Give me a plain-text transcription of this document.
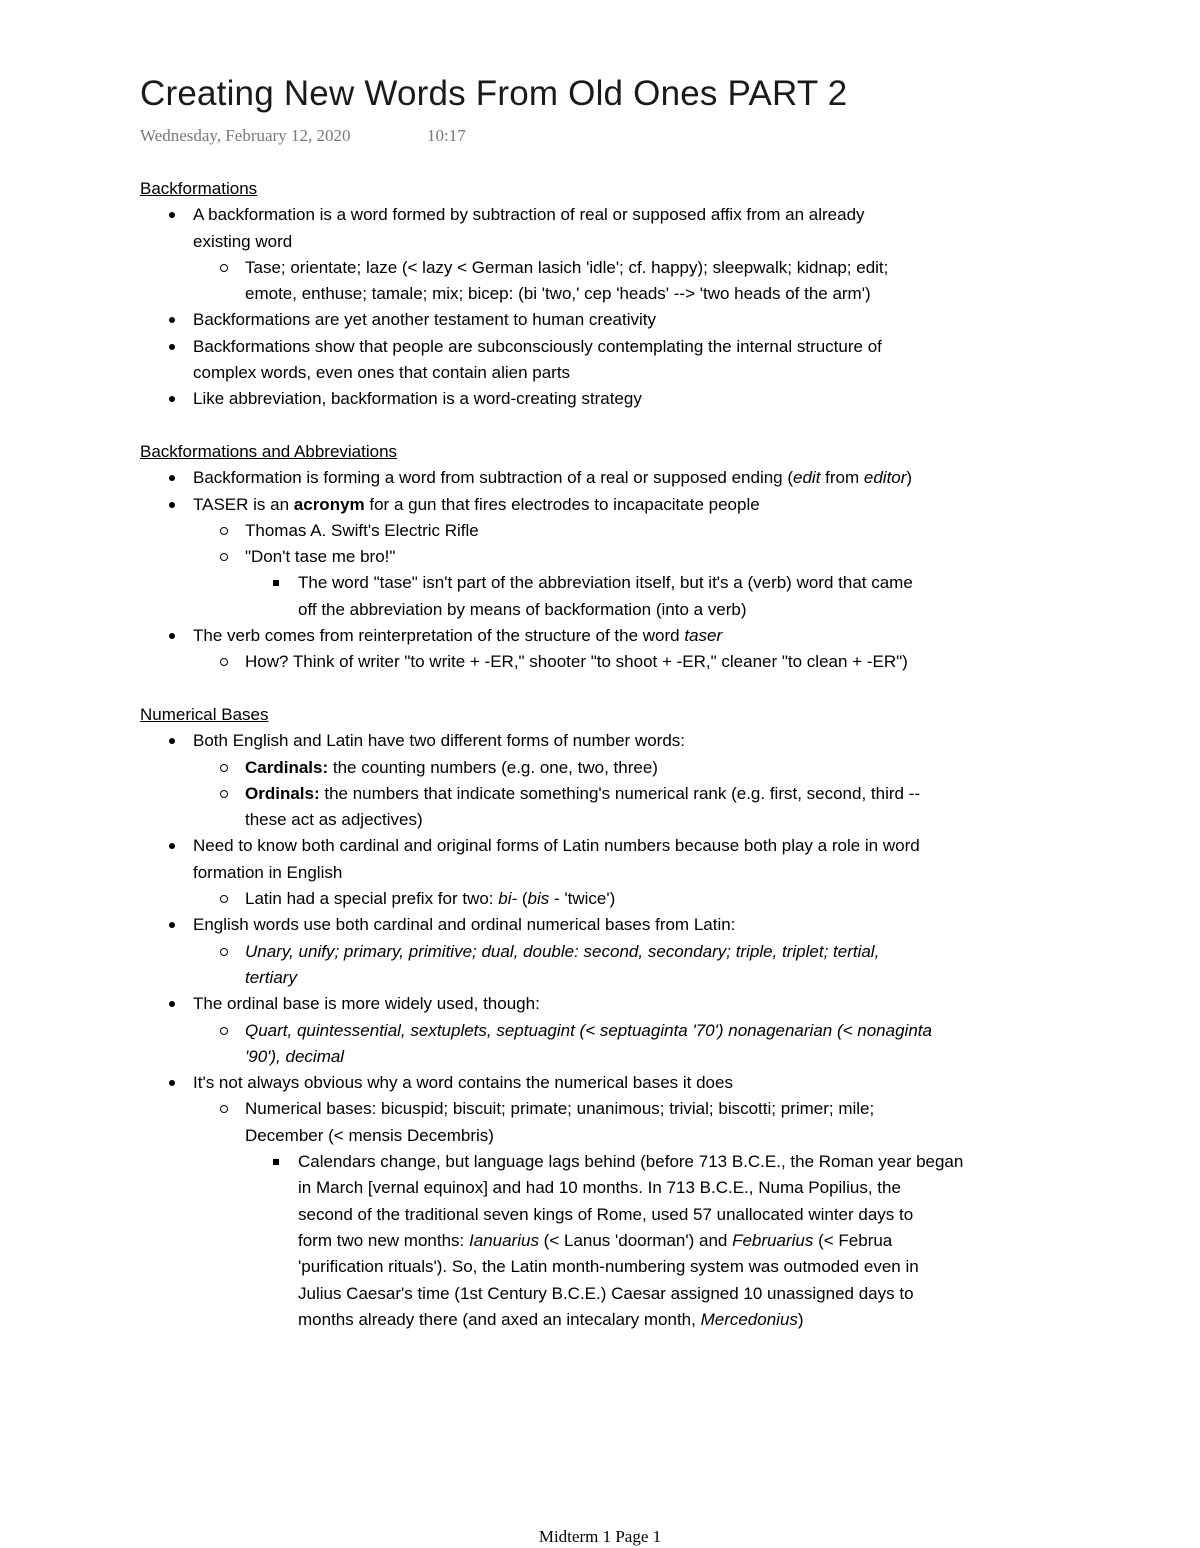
Creating New Words From Old Ones PART 2
Wednesday, February 12, 2020	10:17
Backformations
A backformation is a word formed by subtraction of real or supposed affix from an already
existing word
Tase; orientate; laze (< lazy < German lasich 'idle'; cf. happy); sleepwalk; kidnap; edit;
emote, enthuse; tamale; mix; bicep: (bi 'two,' cep 'heads' --> 'two heads of the arm')
Backformations are yet another testament to human creativity
Backformations show that people are subconsciously contemplating the internal structure of
complex words, even ones that contain alien parts
Like abbreviation, backformation is a word-creating strategy
Backformations and Abbreviations
Backformation is forming a word from subtraction of a real or supposed ending (edit from editor)
TASER is an acronym for a gun that fires electrodes to incapacitate people
Thomas A. Swift's Electric Rifle
"Don't tase me bro!"
The word "tase" isn't part of the abbreviation itself, but it's a (verb) word that came
off the abbreviation by means of backformation (into a verb)
The verb comes from reinterpretation of the structure of the word taser
How? Think of writer "to write + -ER," shooter "to shoot + -ER," cleaner "to clean + -ER")
Numerical Bases
Both English and Latin have two different forms of number words:
Cardinals: the counting numbers (e.g. one, two, three)
Ordinals: the numbers that indicate something's numerical rank (e.g. first, second, third --
these act as adjectives)
Need to know both cardinal and original forms of Latin numbers because both play a role in word
formation in English
Latin had a special prefix for two: bi- (bis - 'twice')
English words use both cardinal and ordinal numerical bases from Latin:
Unary, unify; primary, primitive; dual, double: second, secondary; triple, triplet; tertial,
tertiary
The ordinal base is more widely used, though:
Quart, quintessential, sextuplets, septuagint (< septuaginta '70') nonagenarian (< nonaginta
'90'), decimal
It's not always obvious why a word contains the numerical bases it does
Numerical bases: bicuspid; biscuit; primate; unanimous; trivial; biscotti; primer; mile;
December (< mensis Decembris)
Calendars change, but language lags behind (before 713 B.C.E., the Roman year began
in March [vernal equinox] and had 10 months. In 713 B.C.E., Numa Popilius, the
second of the traditional seven kings of Rome, used 57 unallocated winter days to
form two new months: Ianuarius (< Lanus 'doorman') and Februarius (< Februa
'purification rituals'). So, the Latin month-numbering system was outmoded even in
Julius Caesar's time (1st Century B.C.E.) Caesar assigned 10 unassigned days to
months already there (and axed an intecalary month, Mercedonius)
Midterm 1 Page 1
